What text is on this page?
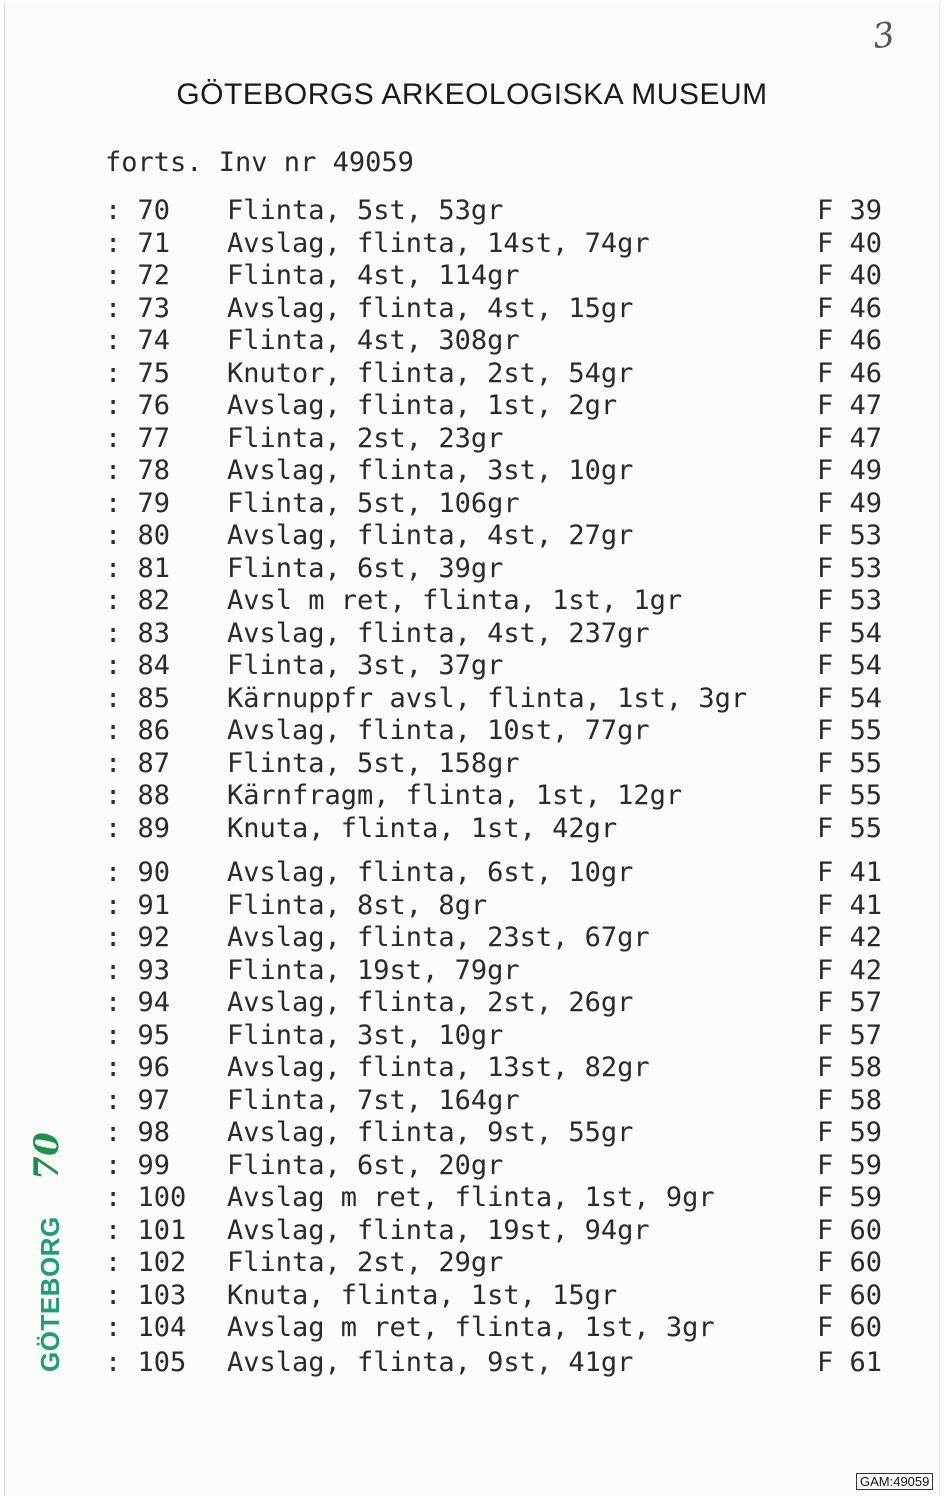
3
GÖTEBORGS ARKEOLOGISKA MUSEUM
forts. Inv nr 49059
: 70 Flinta, 5st, 53gr	F 39
: 71 Avslag, flinta, 14st, 74gr	F 40
: 72 Flinta, 4st, 114gr	F 40
: 73 Avslag, flinta, 4st, 15gr	F 46
: 74 Flinta, 4st, 308gr	F 46
: 75 Knutor, flinta, 2st, 54gr	F 46
: 76 Avslag, flinta, 1st, 2gr	F 47
: 77 Flinta, 2st, 23gr	F 47
: 78 Avslag, flinta, 3st, 10gr	F 49
: 79 Flinta, 5st, 106gr	F 49
: 80 Avslag, flinta, 4st, 27gr	F 53
: 81 Flinta, 6st, 39gr	F 53
: 82 Avsl m ret, flinta, 1st, 1gr	F 53
: 83 Avslag, flinta, 4st, 237gr	F 54
: 84 Flinta, 3st, 37gr	F 54
: 85 Kärnuppfr avsl, flinta, 1st, 3gr	F 54
: 86 Avslag, flinta, 10st, 77gr	F 55
: 87 Flinta, 5st, 158gr	F 55
: 88 Kärnfragm, flinta, 1st, 12gr	F 55
: 89 Knuta, flinta, 1st, 42gr	F 55
: 90 Avslag, flinta, 6st, 10gr	F 41
: 91 Flinta, 8st, 8gr	F 41
: 92 Avslag, flinta, 23st, 67gr	F 42
: 93 Flinta, 19st, 79gr	F 42
: 94 Avslag, flinta, 2st, 26gr	F 57
: 95 Flinta, 3st, 10gr	F 57
: 96 Avslag, flinta, 13st, 82gr	F 58
: 97 Flinta, 7st, 164gr	F 58
: 98 Avslag, flinta, 9st, 55gr	F 59
: 99 Flinta, 6st, 20gr	F 59
: 100 Avslag m ret, flinta, 1st, 9gr	F 59
: 101 Avslag, flinta, 19st, 94gr	F 60
: 102 Flinta, 2st, 29gr	F 60
: 103 Knuta, flinta, 1st, 15gr	F 60
: 104 Avslag m ret, flinta, 1st, 3gr	F 60
: 105 Avslag, flinta, 9st, 41gr	F 61
GÖTEBORG
70
GAM:49059
